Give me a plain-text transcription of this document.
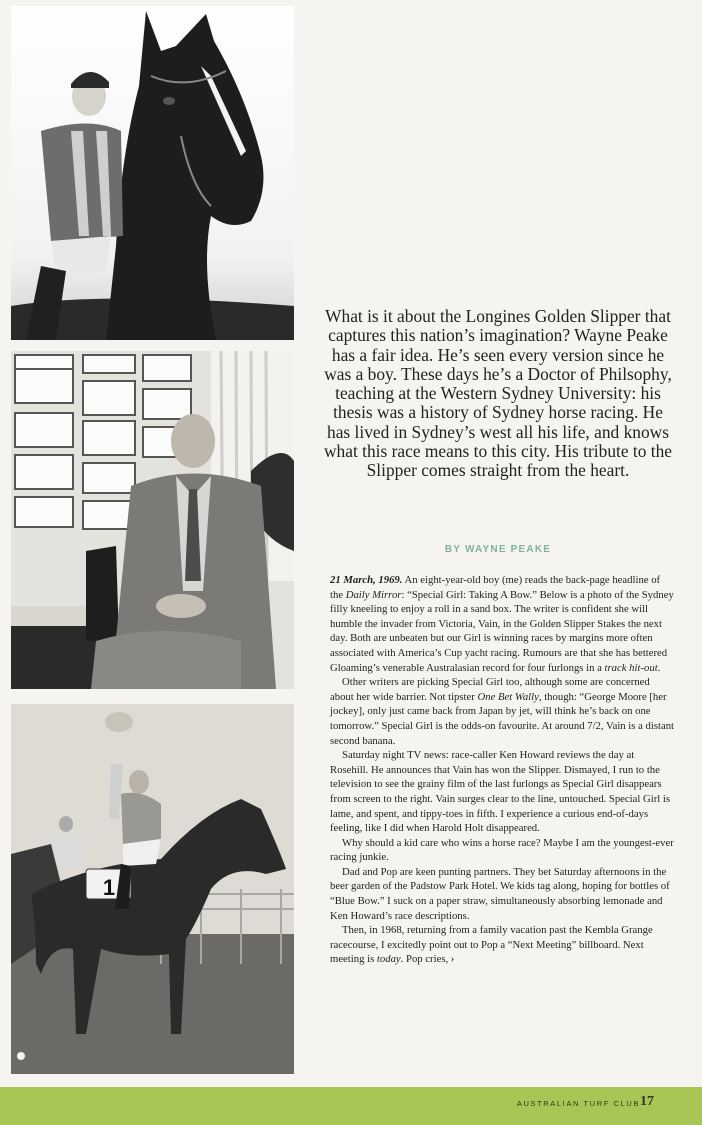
1
What is it about the Longines Golden Slipper that captures this nation’s imagination? Wayne Peake has a fair idea. He’s seen every version since he was a boy. These days he’s a Doctor of Philsophy, teaching at the Western Sydney University: his thesis was a history of Sydney horse racing. He has lived in Sydney’s west all his life, and knows what this race means to this city. His tribute to the Slipper comes straight from the heart.
BY WAYNE PEAKE

21 March, 1969. An eight-year-old boy (me) reads the back-page headline of the Daily Mirror: “Special Girl: Taking A Bow.” Below is a photo of the Sydney filly kneeling to enjoy a roll in a sand box. The writer is confident she will humble the invader from Victoria, Vain, in the Golden Slipper Stakes the next day. Both are unbeaten but our Girl is winning races by margins more often associated with America’s Cup yacht racing. Rumours are that she has bettered Gloaming’s venerable Australasian record for four furlongs in a track hit-out.

Other writers are picking Special Girl too, although some are concerned about her wide barrier. Not tipster One Bet Wally, though: “George Moore [her jockey], only just came back from Japan by jet, will think he’s back on one tomorrow.” Special Girl is the odds-on favourite. At around 7/2, Vain is a distant second banana.

Saturday night TV news: race-caller Ken Howard reviews the day at Rosehill. He announces that Vain has won the Slipper. Dismayed, I run to the television to see the grainy film of the last furlongs as Special Girl disappears from screen to the right. Vain surges clear to the line, untouched. Special Girl is lame, and spent, and tippy-toes in fifth. I experience a curious end-of-days feeling, like I did when Harold Holt disappeared.

Why should a kid care who wins a horse race? Maybe I am the youngest-ever racing junkie.

Dad and Pop are keen punting partners. They bet Saturday afternoons in the beer garden of the Padstow Park Hotel. We kids tag along, hoping for bottles of “Blue Bow.” I suck on a paper straw, simultaneously absorbing lemonade and Ken Howard’s race descriptions.

Then, in 1968, returning from a family vacation past the Kembla Grange racecourse, I excitedly point out to Pop a “Next Meeting” billboard. Next meeting is today. Pop cries, ›

AUSTRALIAN TURF CLUB 17
